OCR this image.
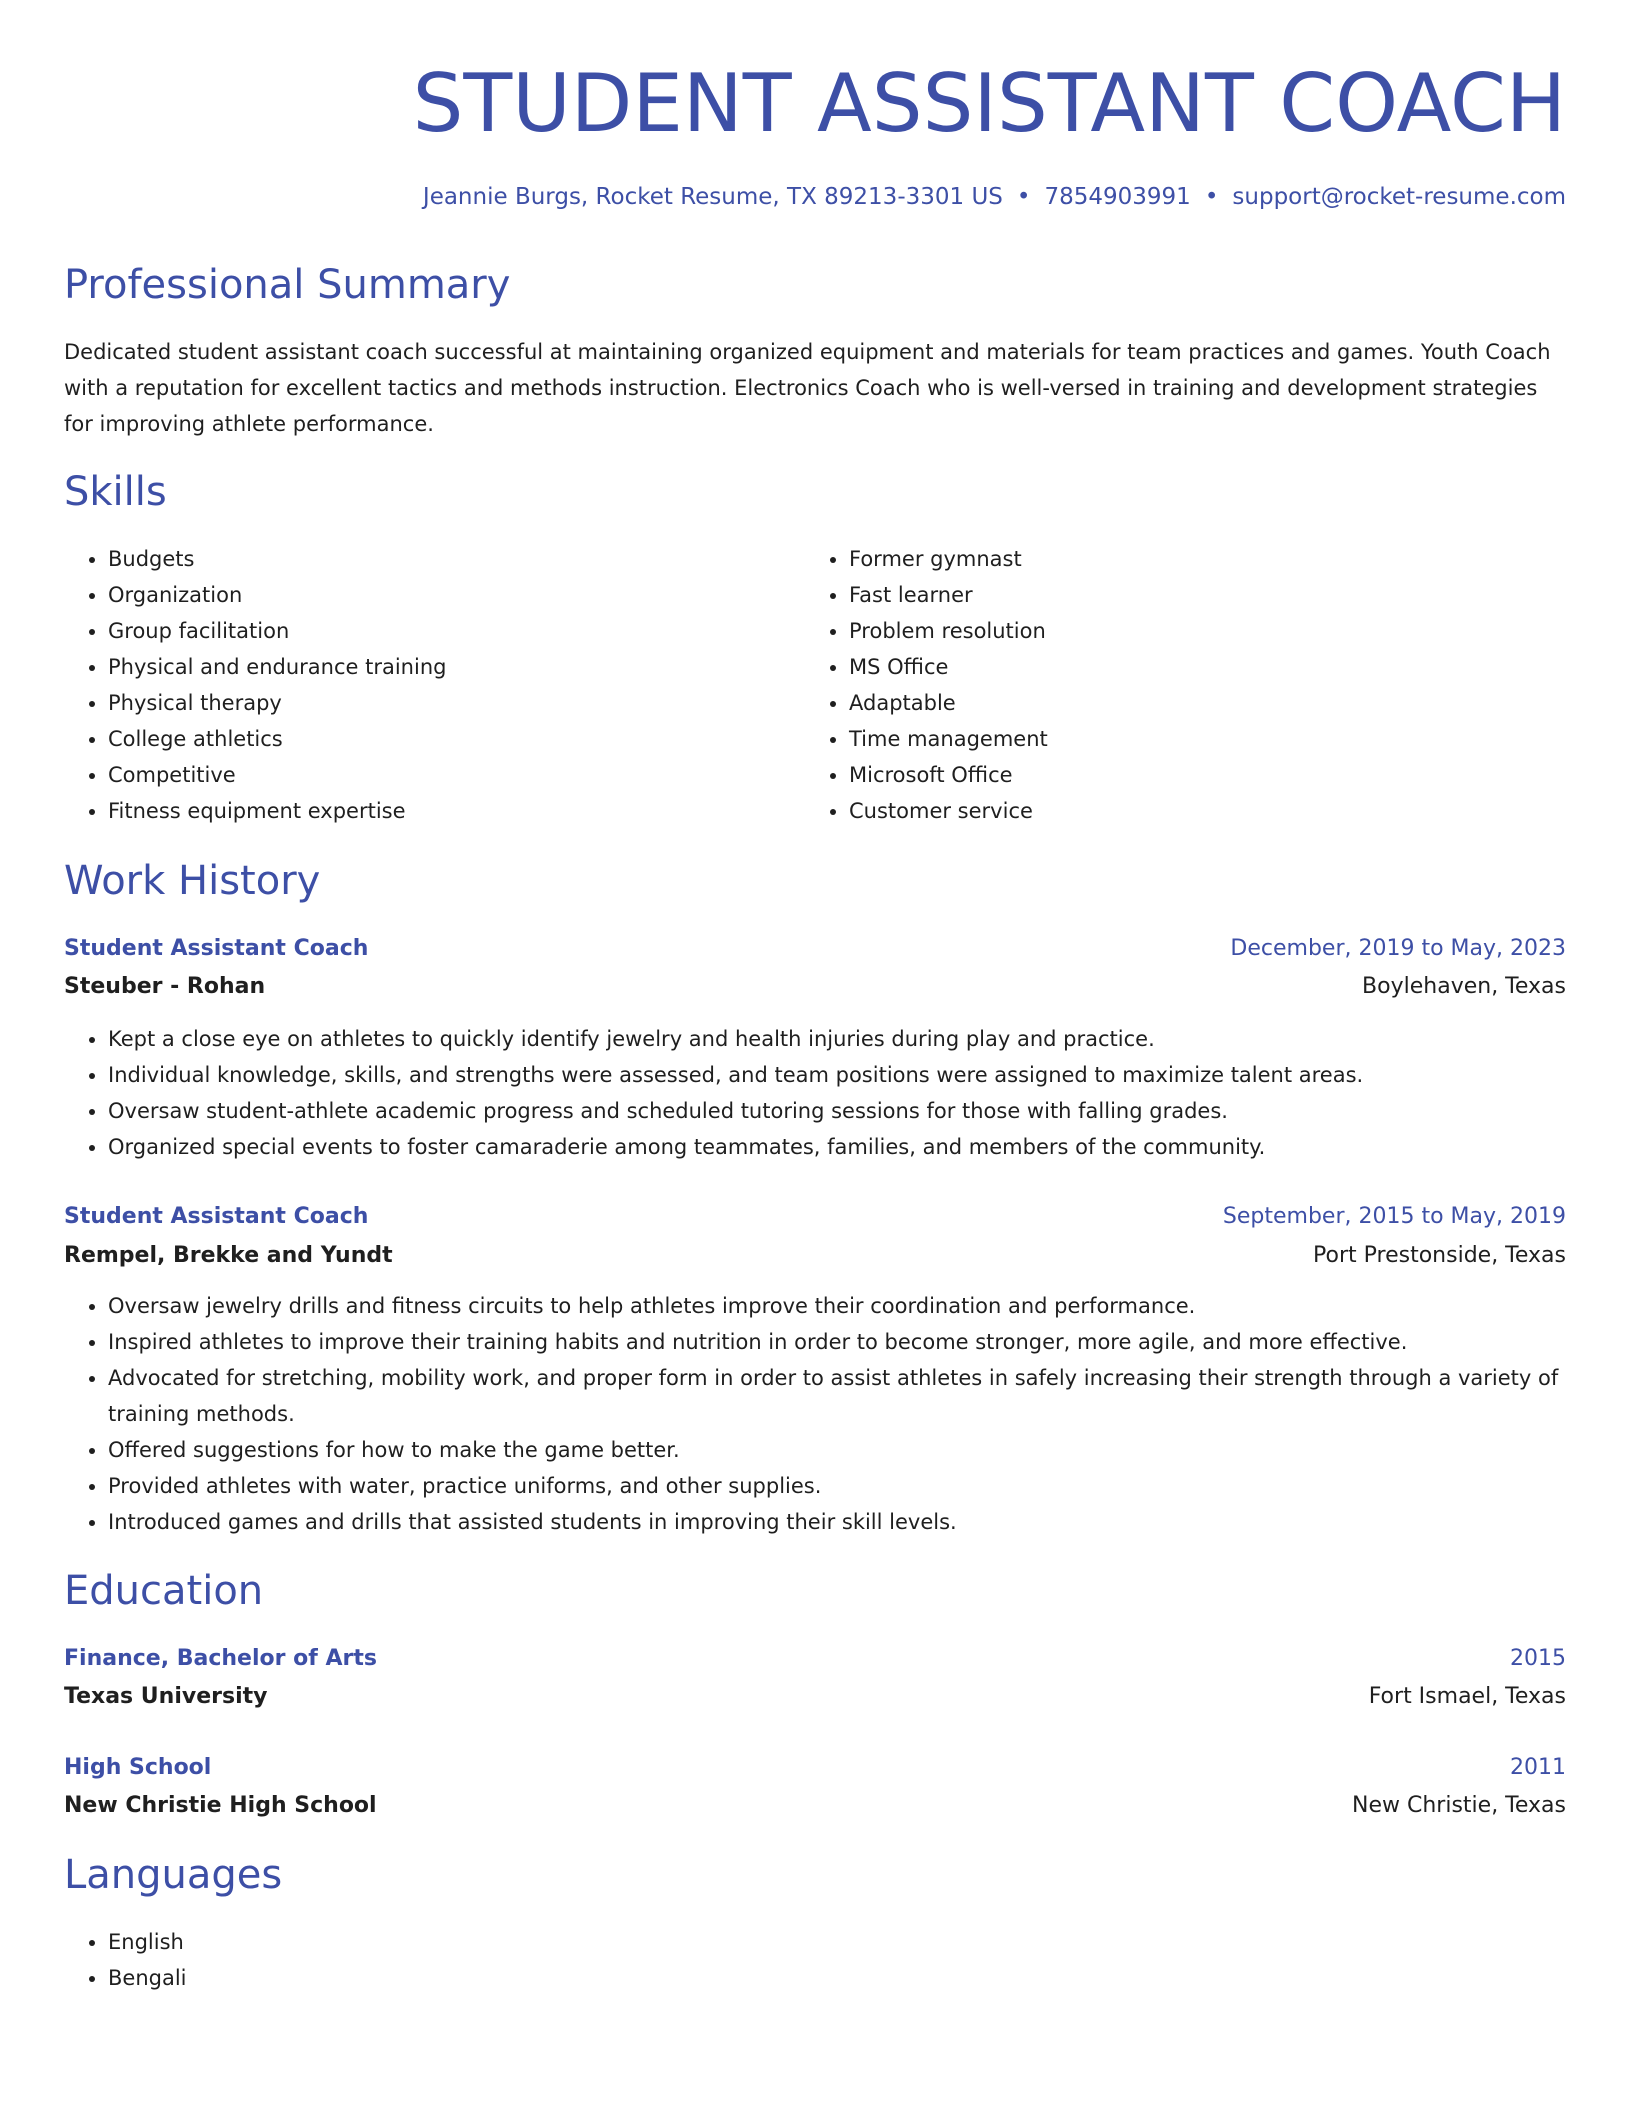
STUDENT ASSISTANT COACH
Jeannie Burgs, Rocket Resume, TX 89213-3301 US • 7854903991 • support@rocket-resume.com
Professional Summary

Dedicated student assistant coach successful at maintaining organized equipment and materials for team practices and games. Youth Coach with a reputation for excellent tactics and methods instruction. Electronics Coach who is well-versed in training and development strategies for improving athlete performance.

Skills
• Budgets
• Organization
• Group facilitation
• Physical and endurance training
• Physical therapy
• College athletics
• Competitive
• Fitness equipment expertise
• Former gymnast
• Fast learner
• Problem resolution
• MS Office
• Adaptable
• Time management
• Microsoft Office
• Customer service
Work History
Student Assistant Coach	December, 2019 to May, 2023
Steuber - Rohan	Boylehaven, Texas
• Kept a close eye on athletes to quickly identify jewelry and health injuries during play and practice.
• Individual knowledge, skills, and strengths were assessed, and team positions were assigned to maximize talent areas.
• Oversaw student-athlete academic progress and scheduled tutoring sessions for those with falling grades.
• Organized special events to foster camaraderie among teammates, families, and members of the community.
Student Assistant Coach	September, 2015 to May, 2019
Rempel, Brekke and Yundt	Port Prestonside, Texas
• Oversaw jewelry drills and fitness circuits to help athletes improve their coordination and performance.
• Inspired athletes to improve their training habits and nutrition in order to become stronger, more agile, and more effective.
• Advocated for stretching, mobility work, and proper form in order to assist athletes in safely increasing their strength through a variety of training methods.
• Offered suggestions for how to make the game better.
• Provided athletes with water, practice uniforms, and other supplies.
• Introduced games and drills that assisted students in improving their skill levels.
Education
Finance, Bachelor of Arts	2015
Texas University	Fort Ismael, Texas
High School	2011
New Christie High School	New Christie, Texas
Languages
• English
• Bengali
